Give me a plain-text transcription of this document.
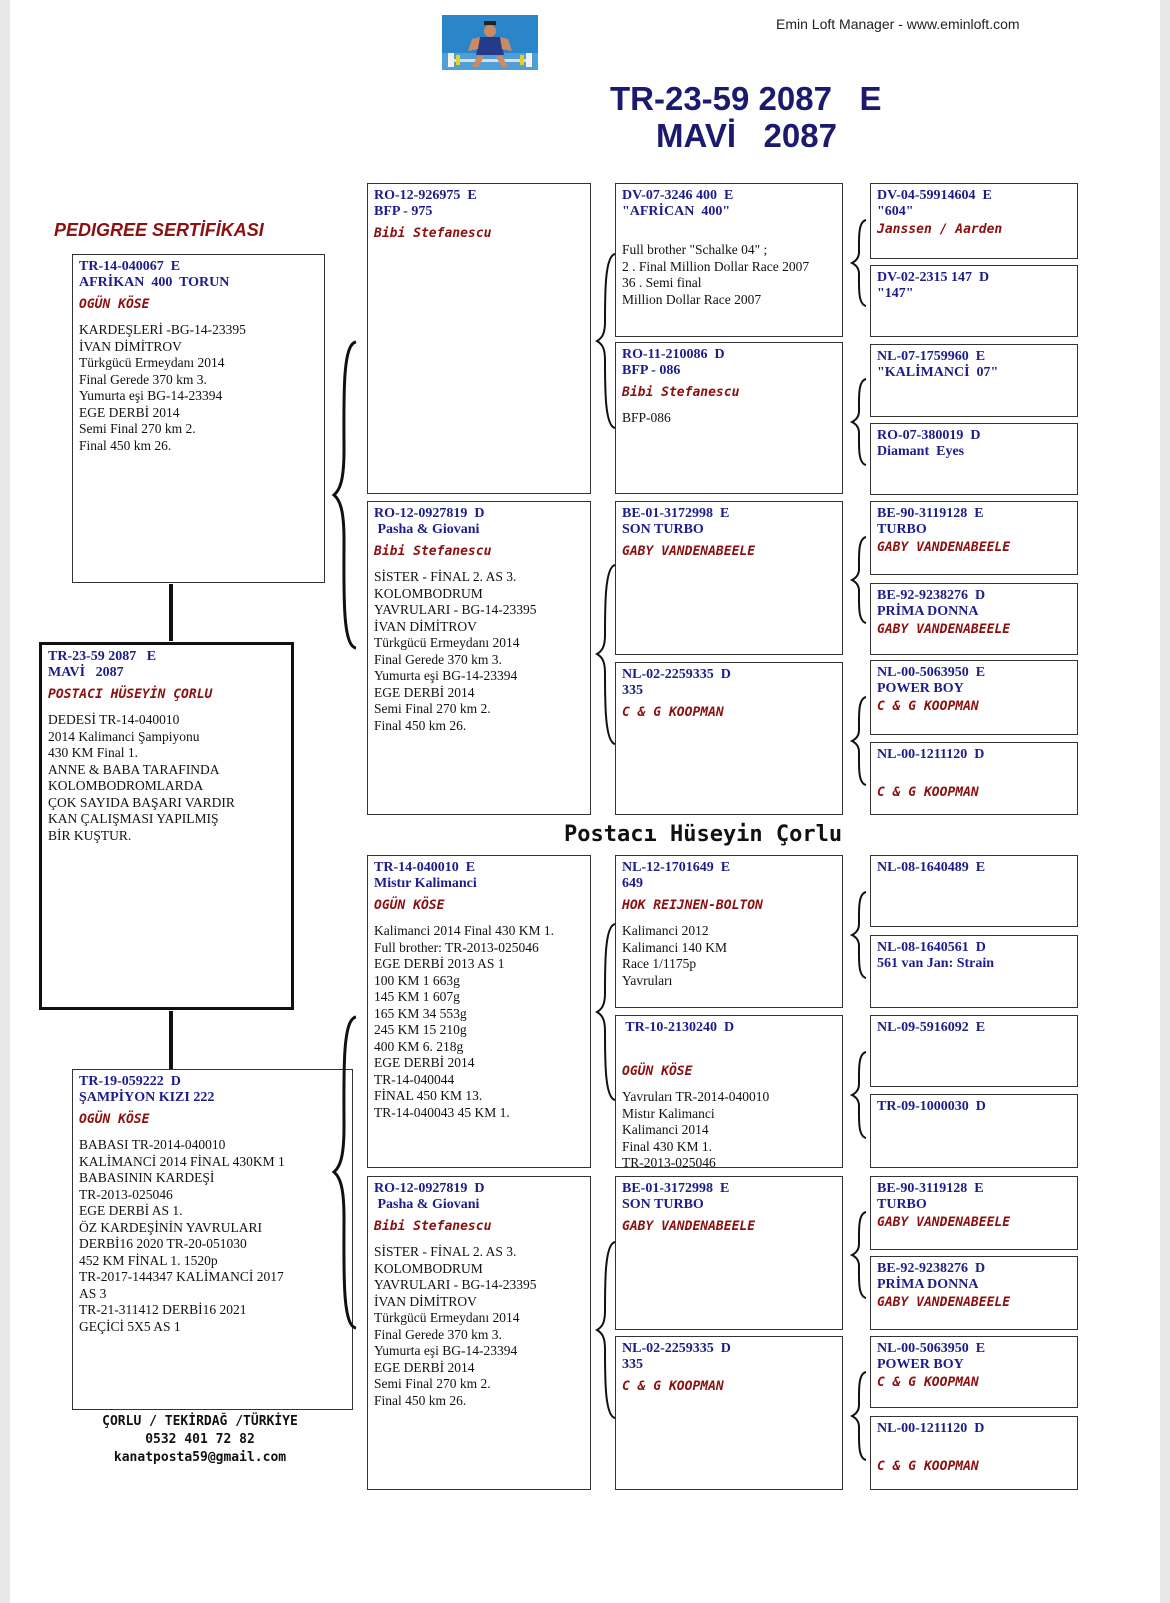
Emin Loft Manager - www.eminloft.com
TR-23-59 2087   E
MAVİ   2087
PEDIGREE SERTİFİKASI
Postacı Hüseyin Çorlu
TR-23-59 2087   E
MAVİ   2087
POSTACI HÜSEYİN ÇORLU
DEDESİ TR-14-040010
2014 Kalimanci Şampiyonu
430 KM Final 1.
ANNE & BABA TARAFINDA
KOLOMBODROMLARDA
ÇOK SAYIDA BAŞARI VARDIR
KAN ÇALIŞMASI YAPILMIŞ
BİR KUŞTUR.
TR-14-040067  E
AFRİKAN  400  TORUN
OGÜN KÖSE
KARDEŞLERİ -BG-14-23395
İVAN DİMİTROV
Türkgücü Ermeydanı 2014
Final Gerede 370 km 3.
Yumurta eşi BG-14-23394
EGE DERBİ 2014
Semi Final 270 km 2.
Final 450 km 26.
TR-19-059222  D
ŞAMPİYON KIZI 222
OGÜN KÖSE
BABASI TR-2014-040010
KALİMANCİ 2014 FİNAL 430KM 1
BABASININ KARDEŞİ
TR-2013-025046
EGE DERBİ AS 1.
ÖZ KARDEŞİNİN YAVRULARI
DERBİ16 2020 TR-20-051030
452 KM FİNAL 1. 1520p
TR-2017-144347 KALİMANCİ 2017
AS 3
TR-21-311412 DERBİ16 2021
GEÇİCİ 5X5 AS 1
ÇORLU / TEKİRDAĞ /TÜRKİYE
0532 401 72 82
kanatposta59@gmail.com
RO-12-926975  E
BFP - 975
Bibi Stefanescu
RO-12-0927819  D
Pasha & Giovani
Bibi Stefanescu
SİSTER - FİNAL 2. AS 3.
KOLOMBODRUM
YAVRULARI - BG-14-23395
İVAN DİMİTROV
Türkgücü Ermeydanı 2014
Final Gerede 370 km 3.
Yumurta eşi BG-14-23394
EGE DERBİ 2014
Semi Final 270 km 2.
Final 450 km 26.
TR-14-040010  E
Mistır Kalimanci
OGÜN KÖSE
Kalimanci 2014 Final 430 KM 1.
Full brother: TR-2013-025046
EGE DERBİ 2013 AS 1
100 KM 1 663g
145 KM 1 607g
165 KM 34 553g
245 KM 15 210g
400 KM 6. 218g
EGE DERBİ 2014
TR-14-040044
FİNAL 450 KM 13.
TR-14-040043 45 KM 1.
RO-12-0927819  D
Pasha & Giovani
Bibi Stefanescu
SİSTER - FİNAL 2. AS 3.
KOLOMBODRUM
YAVRULARI - BG-14-23395
İVAN DİMİTROV
Türkgücü Ermeydanı 2014
Final Gerede 370 km 3.
Yumurta eşi BG-14-23394
EGE DERBİ 2014
Semi Final 270 km 2.
Final 450 km 26.
DV-07-3246 400  E
"AFRİCAN  400"
Full brother "Schalke 04" ;
2 . Final Million Dollar Race 2007
36 . Semi final
Million Dollar Race 2007
RO-11-210086  D
BFP - 086
Bibi Stefanescu
BFP-086
BE-01-3172998  E
SON TURBO
GABY VANDENABEELE
NL-02-2259335  D
335
C & G KOOPMAN
NL-12-1701649  E
649
HOK REIJNEN-BOLTON
Kalimanci 2012
Kalimanci 140 KM
Race 1/1175p
Yavruları
TR-10-2130240  D
OGÜN KÖSE
Yavruları TR-2014-040010
Mistır Kalimanci
Kalimanci 2014
Final 430 KM 1.
TR-2013-025046
BE-01-3172998  E
SON TURBO
GABY VANDENABEELE
NL-02-2259335  D
335
C & G KOOPMAN
DV-04-59914604  E
"604"
Janssen / Aarden
DV-02-2315 147  D
"147"
NL-07-1759960  E
"KALİMANCİ  07"
RO-07-380019  D
Diamant  Eyes
BE-90-3119128  E
TURBO
GABY VANDENABEELE
BE-92-9238276  D
PRİMA DONNA
GABY VANDENABEELE
NL-00-5063950  E
POWER BOY
C & G KOOPMAN
NL-00-1211120  D
C & G KOOPMAN
NL-08-1640489  E
NL-08-1640561  D
561 van Jan: Strain
NL-09-5916092  E
TR-09-1000030  D
BE-90-3119128  E
TURBO
GABY VANDENABEELE
BE-92-9238276  D
PRİMA DONNA
GABY VANDENABEELE
NL-00-5063950  E
POWER BOY
C & G KOOPMAN
NL-00-1211120  D
C & G KOOPMAN
